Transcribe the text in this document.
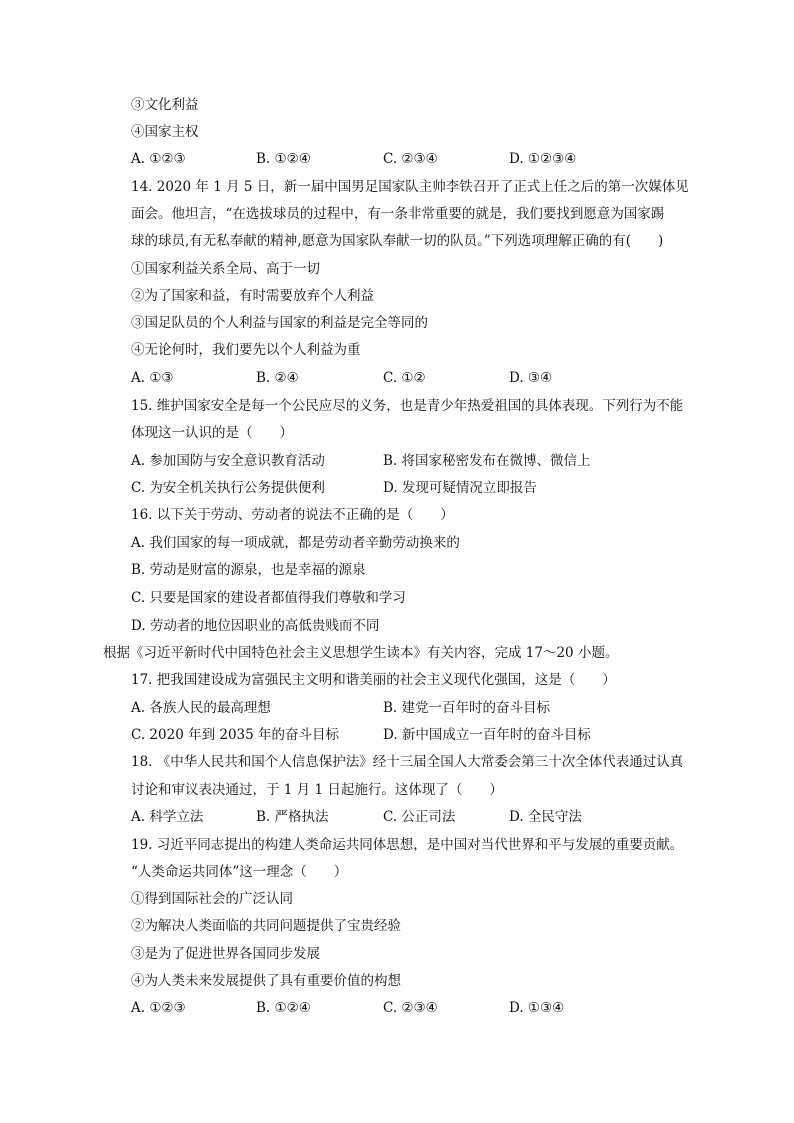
③文化利益
④国家主权
A. ①②③	B. ①②④	C. ②③④	D. ①②③④
14. 2020 年 1 月 5 日，新一届中国男足国家队主帅李铁召开了正式上任之后的第一次媒体见
面会。他坦言，“在选拔球员的过程中，有一条非常重要的就是，我们要找到愿意为国家踢
球的球员,有无私奉献的精神,愿意为国家队奉献一切的队员。”下列选项理解正确的有(　　)
①国家利益关系全局、高于一切
②为了国家和益，有时需要放弃个人利益
③国足队员的个人利益与国家的利益是完全等同的
④无论何时，我们要先以个人利益为重
A. ①③	B. ②④	C. ①②	D. ③④
15. 维护国家安全是每一个公民应尽的义务，也是青少年热爱祖国的具体表现。下列行为不能
体现这一认识的是（　　）
A. 参加国防与安全意识教育活动	B. 将国家秘密发布在微博、微信上
C. 为安全机关执行公务提供便利	D. 发现可疑情况立即报告
16. 以下关于劳动、劳动者的说法不正确的是（　　）
A. 我们国家的每一项成就，都是劳动者辛勤劳动换来的
B. 劳动是财富的源泉，也是幸福的源泉
C. 只要是国家的建设者都值得我们尊敬和学习
D. 劳动者的地位因职业的高低贵贱而不同
根据《习近平新时代中国特色社会主义思想学生读本》有关内容，完成 17～20 小题。
17. 把我国建设成为富强民主文明和谐美丽的社会主义现代化强国，这是（　　）
A. 各族人民的最高理想	B. 建党一百年时的奋斗目标
C. 2020 年到 2035 年的奋斗目标	D. 新中国成立一百年时的奋斗目标
18. 《中华人民共和国个人信息保护法》经十三届全国人大常委会第三十次全体代表通过认真
讨论和审议表决通过，于 1 月 1 日起施行。这体现了（　　）
A. 科学立法	B. 严格执法	C. 公正司法	D. 全民守法
19. 习近平同志提出的构建人类命运共同体思想，是中国对当代世界和平与发展的重要贡献。
“人类命运共同体”这一理念（　　）
①得到国际社会的广泛认同
②为解决人类面临的共同问题提供了宝贵经验
③是为了促进世界各国同步发展
④为人类未来发展提供了具有重要价值的构想
A. ①②③	B. ①②④	C. ②③④	D. ①③④
